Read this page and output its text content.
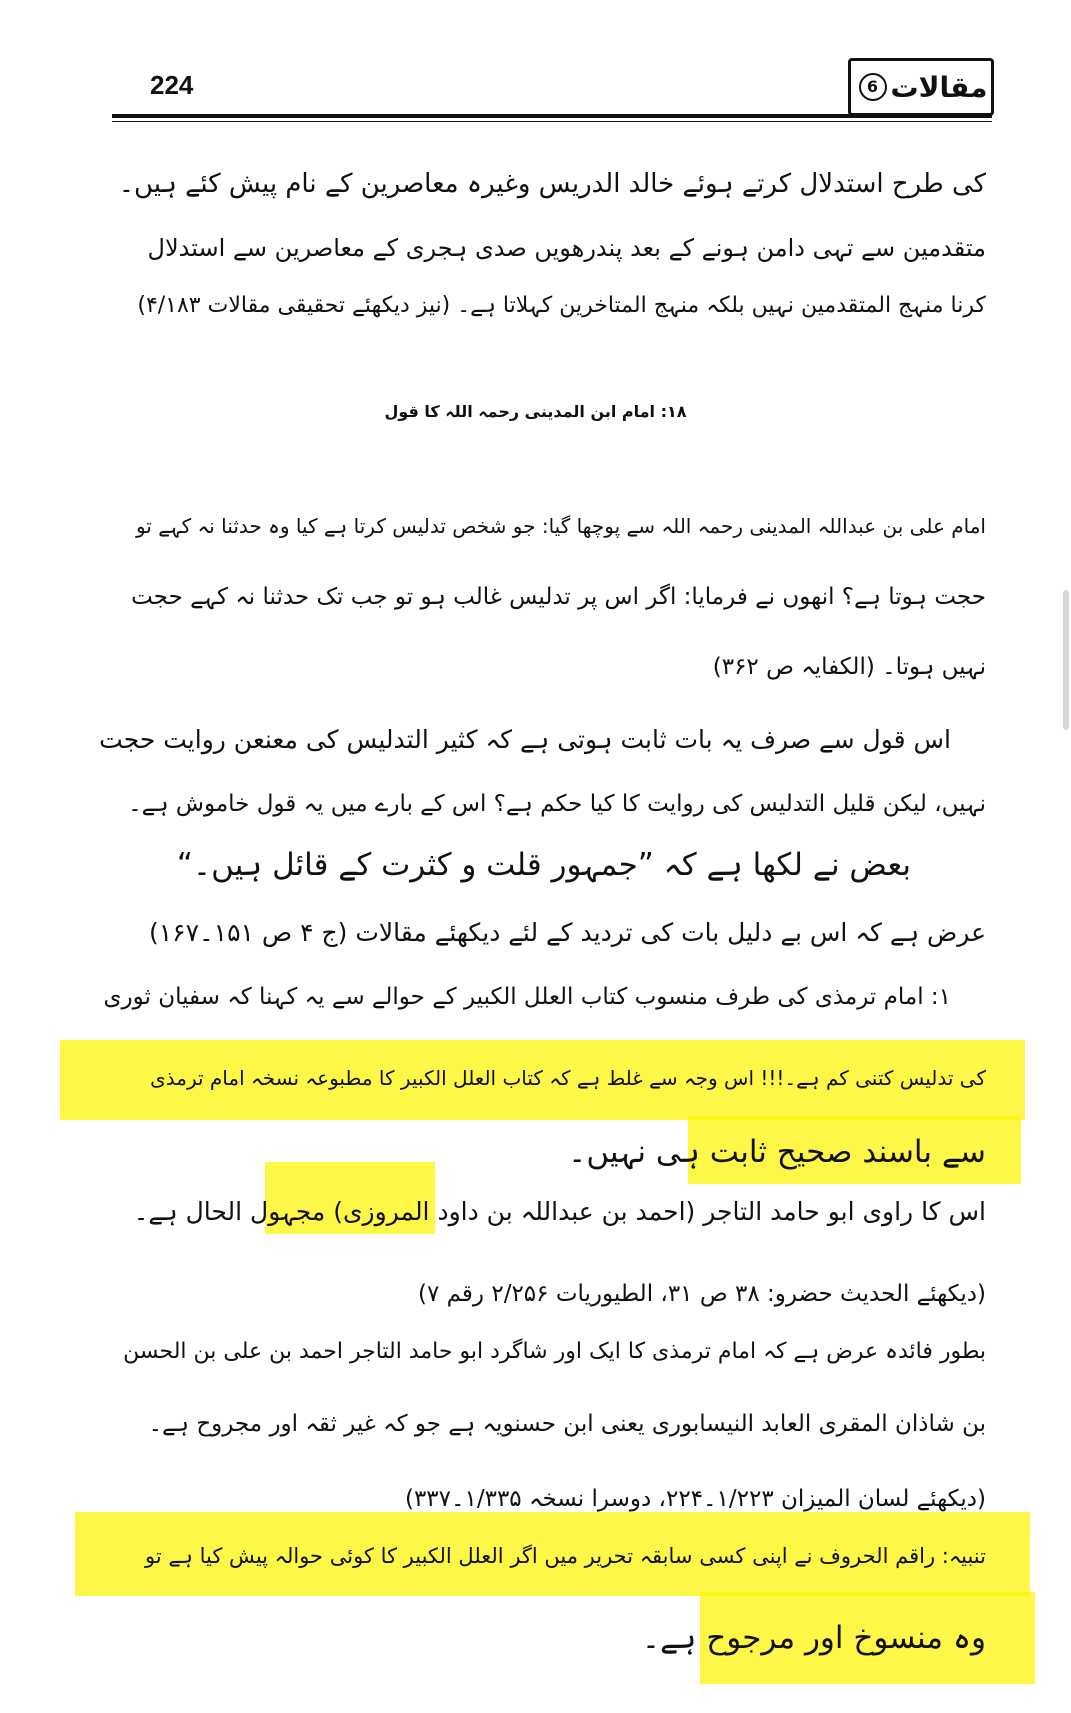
224	مقالات
6
کی طرح استدلال کرتے ہوئے خالد الدریس وغیرہ معاصرین کے نام پیش کئے ہیں۔
متقدمین سے تہی دامن ہونے کے بعد پندرھویں صدی ہجری کے معاصرین سے استدلال
کرنا منہج المتقدمین نہیں بلکہ منہج المتاخرین کہلاتا ہے۔ (نیز دیکھئے تحقیقی مقالات ۴/۱۸۳)
۱۸: امام ابن المدینی رحمہ اللہ کا قول
امام علی بن عبداللہ المدینی رحمہ اللہ سے پوچھا گیا: جو شخص تدلیس کرتا ہے کیا وہ حدثنا نہ کہے تو
حجت ہوتا ہے؟ انھوں نے فرمایا: اگر اس پر تدلیس غالب ہو تو جب تک حدثنا نہ کہے حجت
نہیں ہوتا۔ (الکفایہ ص ۳۶۲)
اس قول سے صرف یہ بات ثابت ہوتی ہے کہ کثیر التدلیس کی معنعن روایت حجت
نہیں، لیکن قلیل التدلیس کی روایت کا کیا حکم ہے؟ اس کے بارے میں یہ قول خاموش ہے۔
بعض نے لکھا ہے کہ ”جمہور قلت و کثرت کے قائل ہیں۔“
عرض ہے کہ اس بے دلیل بات کی تردید کے لئے دیکھئے مقالات (ج ۴ ص ۱۵۱۔۱۶۷)
۱: امام ترمذی کی طرف منسوب کتاب العلل الکبیر کے حوالے سے یہ کہنا کہ سفیان ثوری
کی تدلیس کتنی کم ہے۔!!! اس وجہ سے غلط ہے کہ کتاب العلل الکبیر کا مطبوعہ نسخہ امام ترمذی
سے باسند صحیح ثابت ہی نہیں۔
اس کا راوی ابو حامد التاجر (احمد بن عبداللہ بن داود المروزی) مجہول الحال ہے۔
(دیکھئے الحدیث حضرو: ۳۸ ص ۳۱، الطیوریات ۲/۲۵۶ رقم ۷)
بطور فائدہ عرض ہے کہ امام ترمذی کا ایک اور شاگرد ابو حامد التاجر احمد بن علی بن الحسن
بن شاذان المقری العابد النیسابوری یعنی ابن حسنویہ ہے جو کہ غیر ثقہ اور مجروح ہے۔
(دیکھئے لسان المیزان ۱/۲۲۳۔۲۲۴، دوسرا نسخہ ۱/۳۳۵۔۳۳۷)
تنبیہ: راقم الحروف نے اپنی کسی سابقہ تحریر میں اگر العلل الکبیر کا کوئی حوالہ پیش کیا ہے تو
وہ منسوخ اور مرجوح ہے۔
